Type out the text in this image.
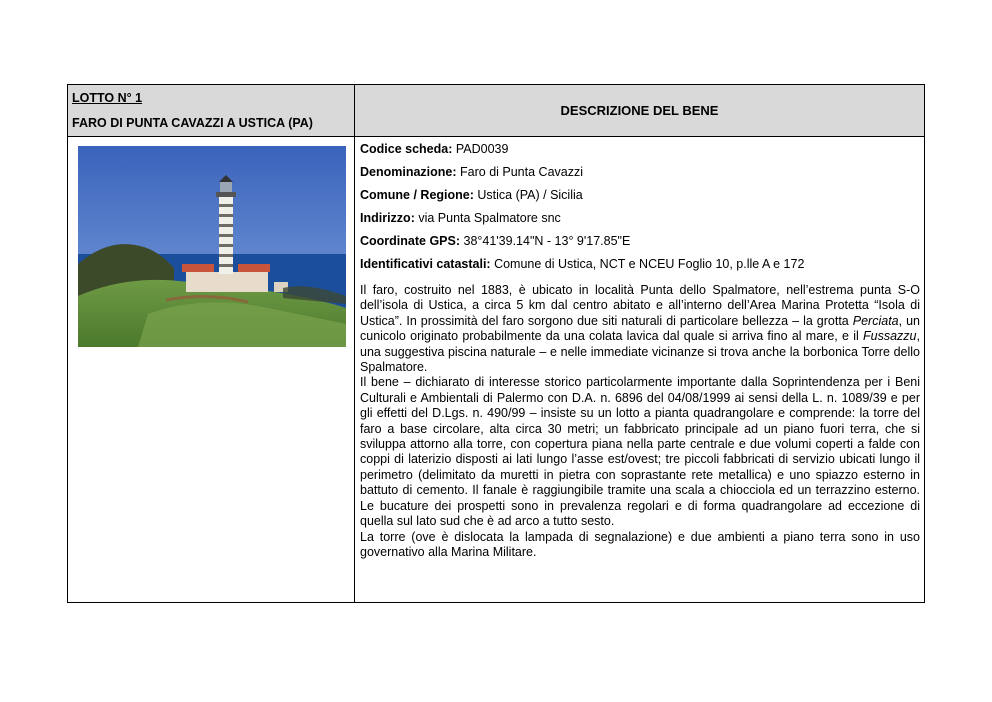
LOTTO N° 1
FARO DI PUNTA CAVAZZI A USTICA (PA)
DESCRIZIONE DEL BENE
Codice scheda: PAD0039
Denominazione: Faro di Punta Cavazzi
Comune / Regione: Ustica (PA) / Sicilia
Indirizzo: via Punta Spalmatore snc
Coordinate GPS: 38°41'39.14"N - 13° 9'17.85"E
Identificativi catastali: Comune di Ustica, NCT e NCEU Foglio 10, p.lle A e 172

Il faro, costruito nel 1883, è ubicato in località Punta dello Spalmatore, nell’estrema punta S-O dell’isola di Ustica, a circa 5 km dal centro abitato e all’interno dell’Area Marina Protetta “Isola di Ustica”. In prossimità del faro sorgono due siti naturali di particolare bellezza – la grotta Perciata, un cunicolo originato probabilmente da una colata lavica dal quale si arriva fino al mare, e il Fussazzu, una suggestiva piscina naturale – e nelle immediate vicinanze si trova anche la borbonica Torre dello Spalmatore.

Il bene – dichiarato di interesse storico particolarmente importante dalla Soprintendenza per i Beni Culturali e Ambientali di Palermo con D.A. n. 6896 del 04/08/1999 ai sensi della L. n. 1089/39 e per gli effetti del D.Lgs. n. 490/99 – insiste su un lotto a pianta quadrangolare e comprende: la torre del faro a base circolare, alta circa 30 metri; un fabbricato principale ad un piano fuori terra, che si sviluppa attorno alla torre, con copertura piana nella parte centrale e due volumi coperti a falde con coppi di laterizio disposti ai lati lungo l’asse est/ovest; tre piccoli fabbricati di servizio ubicati lungo il perimetro (delimitato da muretti in pietra con soprastante rete metallica) e uno spiazzo esterno in battuto di cemento. Il fanale è raggiungibile tramite una scala a chiocciola ed un terrazzino esterno. Le bucature dei prospetti sono in prevalenza regolari e di forma quadrangolare ad eccezione di quella sul lato sud che è ad arco a tutto sesto.

La torre (ove è dislocata la lampada di segnalazione) e due ambienti a piano terra sono in uso governativo alla Marina Militare.
